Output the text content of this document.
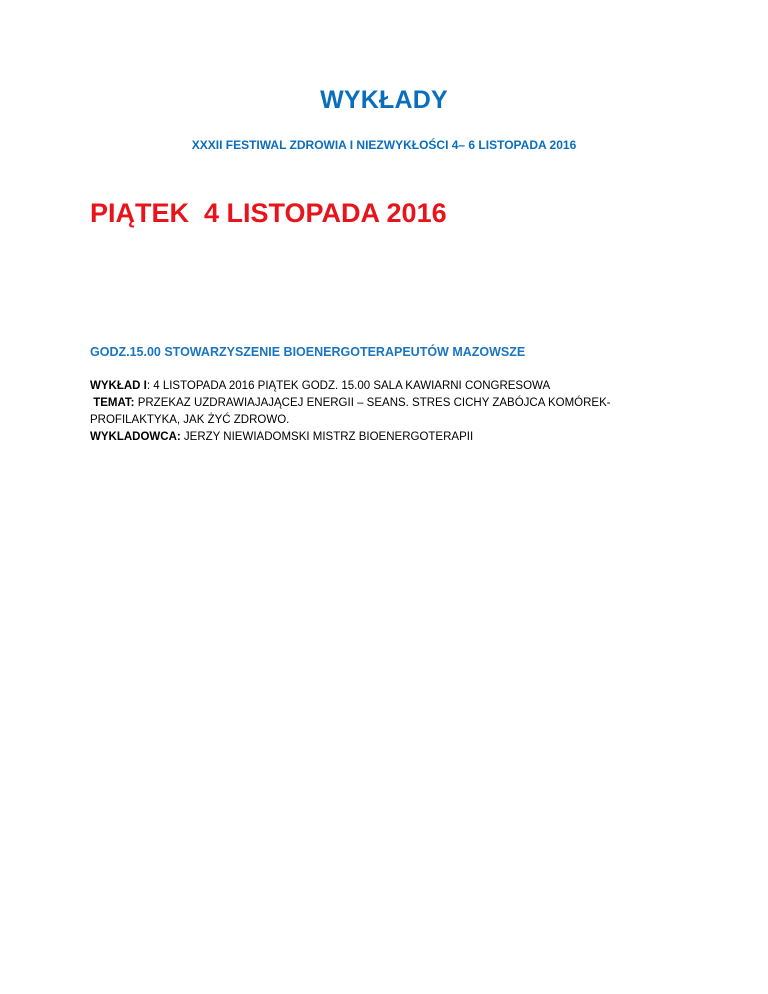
WYKŁADY

XXXII FESTIWAL ZDROWIA I NIEZWYKŁOŚCI 4– 6 LISTOPADA 2016

PIĄTEK  4 LISTOPADA 2016
GODZ.15.00 STOWARZYSZENIE BIOENERGOTERAPEUTÓW MAZOWSZE
WYKŁAD I: 4 LISTOPADA 2016 PIĄTEK GODZ. 15.00 SALA KAWIARNI CONGRESOWA
TEMAT: PRZEKAZ UZDRAWIAJAJĄCEJ ENERGII – SEANS. STRES CICHY ZABÓJCA KOMÓREK-
PROFILAKTYKA, JAK ŻYĆ ZDROWO.
WYKLADOWCA: JERZY NIEWIADOMSKI MISTRZ BIOENERGOTERAPII
